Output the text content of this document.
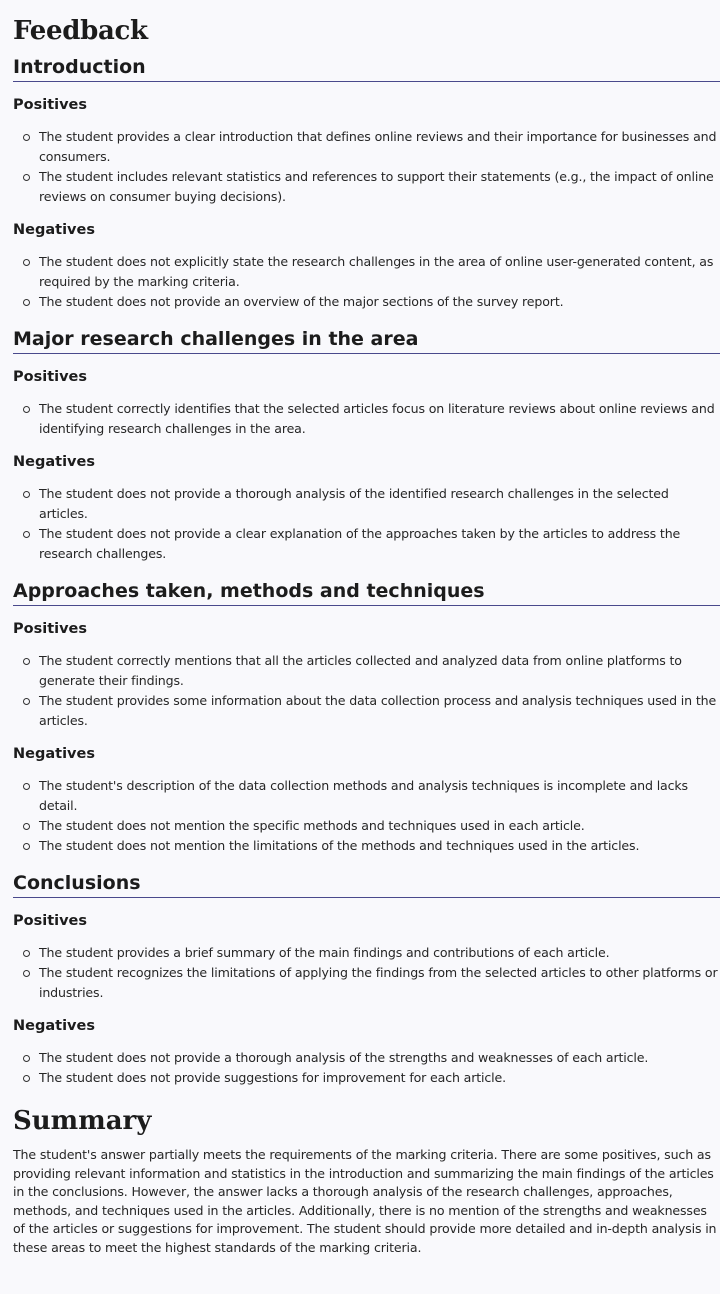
Feedback
Introduction
Positives
The student provides a clear introduction that defines online reviews and their importance for businesses and consumers.
The student includes relevant statistics and references to support their statements (e.g., the impact of online reviews on consumer buying decisions).
Negatives
The student does not explicitly state the research challenges in the area of online user-generated content, as required by the marking criteria.
The student does not provide an overview of the major sections of the survey report.
Major research challenges in the area
Positives
The student correctly identifies that the selected articles focus on literature reviews about online reviews and identifying research challenges in the area.
Negatives
The student does not provide a thorough analysis of the identified research challenges in the selected articles.
The student does not provide a clear explanation of the approaches taken by the articles to address the research challenges.
Approaches taken, methods and techniques
Positives
The student correctly mentions that all the articles collected and analyzed data from online platforms to generate their findings.
The student provides some information about the data collection process and analysis techniques used in the articles.
Negatives
The student's description of the data collection methods and analysis techniques is incomplete and lacks detail.
The student does not mention the specific methods and techniques used in each article.
The student does not mention the limitations of the methods and techniques used in the articles.
Conclusions
Positives
The student provides a brief summary of the main findings and contributions of each article.
The student recognizes the limitations of applying the findings from the selected articles to other platforms or industries.
Negatives
The student does not provide a thorough analysis of the strengths and weaknesses of each article.
The student does not provide suggestions for improvement for each article.
Summary

The student's answer partially meets the requirements of the marking criteria. There are some positives, such as providing relevant information and statistics in the introduction and summarizing the main findings of the articles in the conclusions. However, the answer lacks a thorough analysis of the research challenges, approaches, methods, and techniques used in the articles. Additionally, there is no mention of the strengths and weaknesses of the articles or suggestions for improvement. The student should provide more detailed and in-depth analysis in these areas to meet the highest standards of the marking criteria.
